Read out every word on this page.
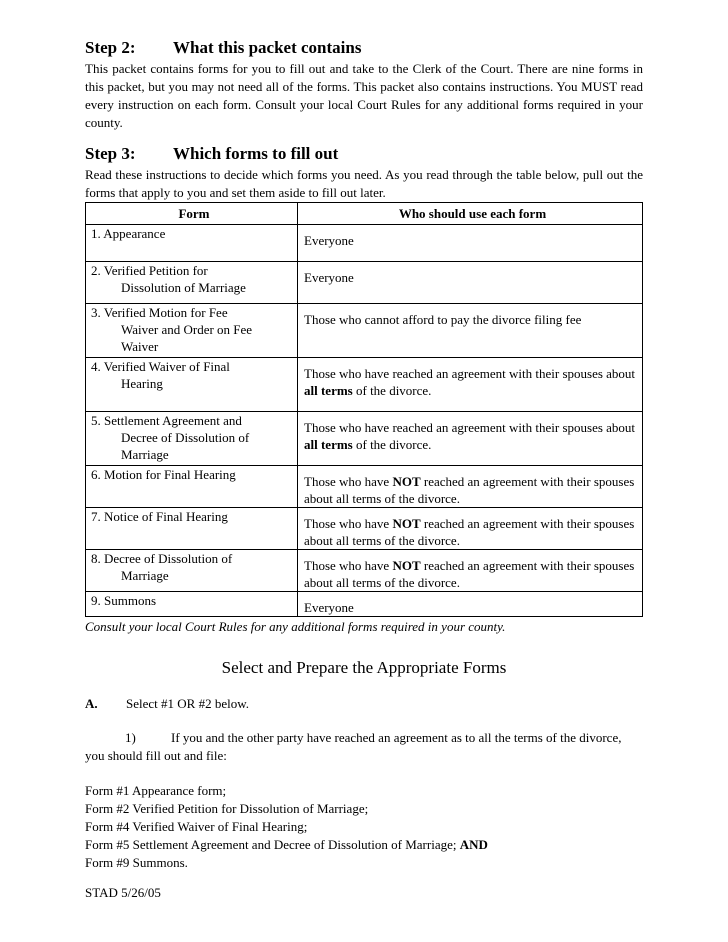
Step 2: What this packet contains
This packet contains forms for you to fill out and take to the Clerk of the Court. There are nine forms in this packet, but you may not need all of the forms. This packet also contains instructions. You MUST read every instruction on each form. Consult your local Court Rules for any additional forms required in your county.
Step 3: Which forms to fill out
Read these instructions to decide which forms you need. As you read through the table below, pull out the forms that apply to you and set them aside to fill out later.
Form	Who should use each form

1. Appearance	Everyone

2. Verified Petition for
Dissolution of Marriage	Everyone

3. Verified Motion for Fee
Waiver and Order on Fee
Waiver	Those who cannot afford to pay the divorce filing fee

4. Verified Waiver of Final
Hearing	Those who have reached an agreement with their spouses about all terms of the divorce.

5. Settlement Agreement and
Decree of Dissolution of
Marriage	Those who have reached an agreement with their spouses about all terms of the divorce.

6. Motion for Final Hearing	Those who have NOT reached an agreement with their spouses about all terms of the divorce.

7. Notice of Final Hearing	Those who have NOT reached an agreement with their spouses about all terms of the divorce.

8. Decree of Dissolution of
Marriage	Those who have NOT reached an agreement with their spouses about all terms of the divorce.

9. Summons	Everyone
Consult your local Court Rules for any additional forms required in your county.
Select and Prepare the Appropriate Forms
A. Select #1 OR #2 below.
1)	If you and the other party have reached an agreement as to all the terms of the divorce, you should fill out and file:
Form #1 Appearance form;
Form #2 Verified Petition for Dissolution of Marriage;
Form #4 Verified Waiver of Final Hearing;
Form #5 Settlement Agreement and Decree of Dissolution of Marriage; AND
Form #9 Summons.
STAD 5/26/05
